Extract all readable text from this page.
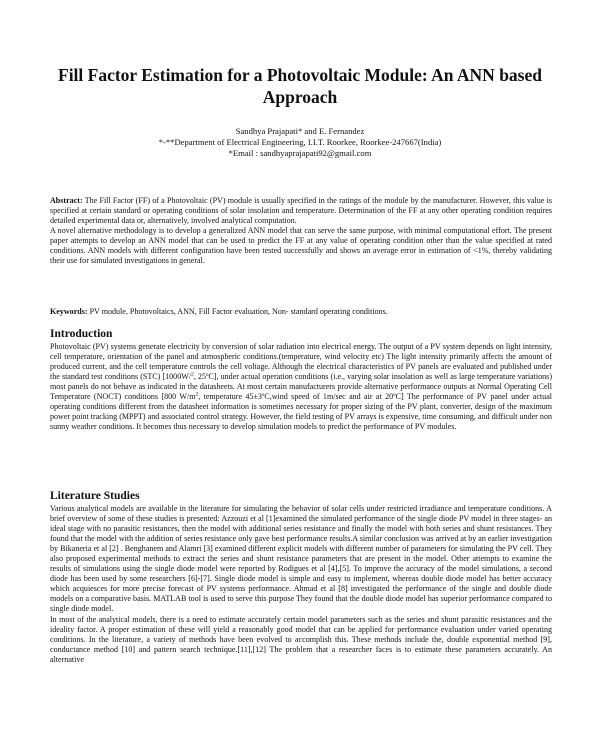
Fill Factor Estimation for a Photovoltaic Module: An ANN based Approach
Sandhya Prajapati* and E. Fernandez
*-**Department of Electrical Engineering, I.I.T. Roorkee, Roorkee-247667(India)
*Email : sandhyaprajapati92@gmail.com

Abstract: The Fill Factor (FF) of a Photovoltaic (PV) module is usually specified in the ratings of the module by the manufacturer. However, this value is specified at certain standard or operating conditions of solar insolation and temperature. Determination of the FF at any other operating condition requires detailed experimental data or, alternatively, involved analytical computation.

A novel alternative methodology is to develop a generalized ANN model that can serve the same purpose, with minimal computational effort. The present paper attempts to develop an ANN model that can be used to predict the FF at any value of operating condition other than the value specified at rated conditions. ANN models with different configuration have been tested successfully and shows an average error in estimation of <1%, thereby validating their use for simulated investigations in general.

Keywords: PV module, Photovoltaics, ANN, Fill Factor evaluation, Non- standard operating conditions.

Introduction

Photovoltaic (PV) systems generate electricity by conversion of solar radiation into electrical energy. The output of a PV system depends on light intensity, cell temperature, orientation of the panel and atmospheric conditions.(temperature, wind velocity etc) The light intensity primarily affects the amount of produced current, and the cell temperature controls the cell voltage. Although the electrical characteristics of PV panels are evaluated and published under the standard test conditions (STC) [1000W/$^2$, 25ºC], under actual operation conditions (i.e., varying solar insolation as well as large temperature variations) most panels do not behave as indicated in the datasheets. At most certain manufacturers provide alternative performance outputs at Normal Operating Cell Temperature (NOCT) conditions [800 $W/m^2$, temperature 45±3ºC,wind speed of 1m/sec and air at 20ºC] The performance of PV panel under actual operating conditions different from the datasheet information is sometimes necessary for proper sizing of the PV plant, converter, design of the maximum power point tracking (MPPT) and associated control strategy. However, the field testing of PV arrays is expensive, time consuming, and difficult under non sunny weather conditions. It becomes thus necessary to develop simulation models to predict the performance of PV modules.

Literature Studies

Various analytical models are available in the literature for simulating the behavior of solar cells under restricted irradiance and temperature conditions. A brief overview of some of these studies is presented: Azzouzi et al [1]examined the simulated performance of the single diode PV model in three stages- an ideal stage with no parasitic resistances, then the model with additional series resistance and finally the model with both series and shunt resistances. They found that the model with the addition of series resistance only gave best performance results.A similar conclusion was arrived at by an earlier investigation by Bikaneria et al [2] . Benghanem and Alamri [3] examined different explicit models with different number of parameters for simulating the PV cell. They also proposed experimental methods to extract the series and shunt resistance parameters that are present in the model. Other attempts to examine the results of simulations using the single diode model were reported by Rodigues et al [4],[5]. To improve the accuracy of the model simulations, a second diode has been used by some researchers [6]-[7]. Single diode model is simple and easy to implement, whereas double diode model has better accuracy which acquiesces for more precise forecast of PV systems performance. Ahmad et al [8] investigated the performance of the single and double diode models on a comparative basis. MATLAB tool is used to serve this purpose They found that the double diode model has superior performance compared to single diode model.

In most of the analytical models, there is a need to estimate accurately certain model parameters such as the series and shunt parasitic resistances and the ideality factor. A proper estimation of these will yield a reasonably good model that can be applied for performance evaluation under varied operating conditions. In the literature, a variety of methods have been evolved to accomplish this. These methods include the, double exponential method [9], conductance method [10] and pattern search technique.[11],[12] The problem that a researcher faces is to estimate these parameters accurately. An alternative
